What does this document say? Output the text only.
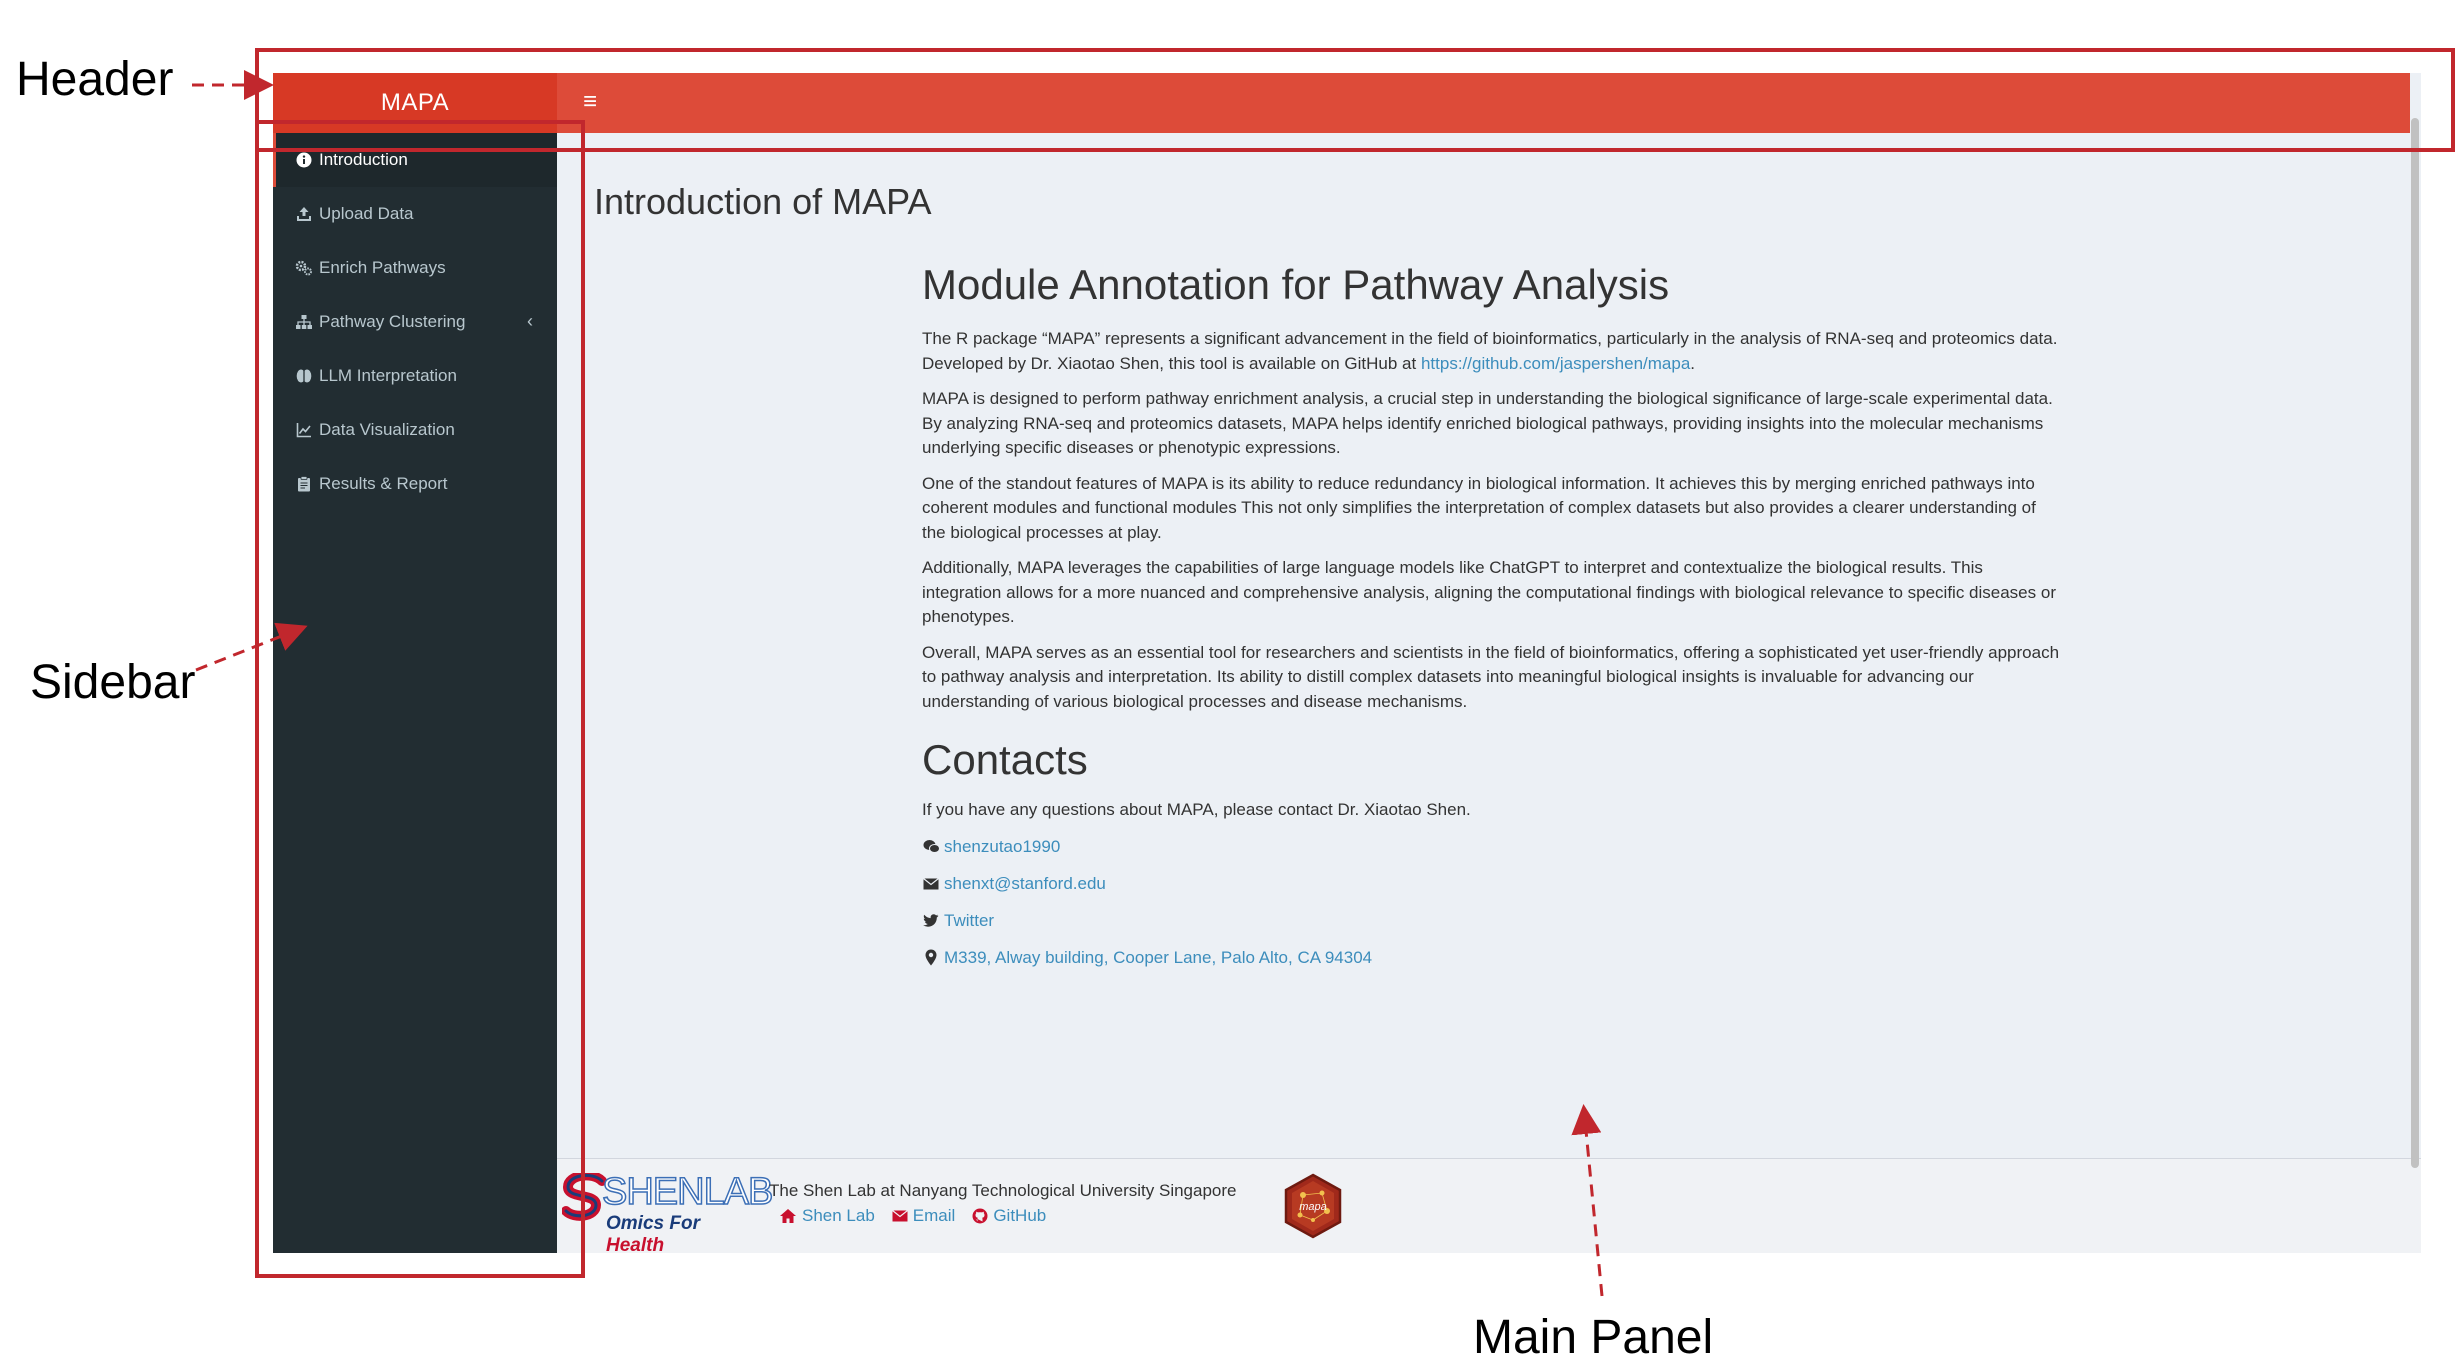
MAPA	≡
Introduction
Upload Data
Enrich Pathways
Pathway Clustering	‹
LLM Interpretation
Data Visualization
Results & Report
Introduction of MAPA
Module Annotation for Pathway Analysis

The R package “MAPA” represents a significant advancement in the field of bioinformatics, particularly in the analysis of RNA-seq and proteomics data. Developed by Dr. Xiaotao Shen, this tool is available on GitHub at https://github.com/jaspershen/mapa.

MAPA is designed to perform pathway enrichment analysis, a crucial step in understanding the biological significance of large-scale experimental data. By analyzing RNA-seq and proteomics datasets, MAPA helps identify enriched biological pathways, providing insights into the molecular mechanisms underlying specific diseases or phenotypic expressions.

One of the standout features of MAPA is its ability to reduce redundancy in biological information. It achieves this by merging enriched pathways into coherent modules and functional modules This not only simplifies the interpretation of complex datasets but also provides a clearer understanding of the biological processes at play.

Additionally, MAPA leverages the capabilities of large language models like ChatGPT to interpret and contextualize the biological results. This integration allows for a more nuanced and comprehensive analysis, aligning the computational findings with biological relevance to specific diseases or phenotypes.

Overall, MAPA serves as an essential tool for researchers and scientists in the field of bioinformatics, offering a sophisticated yet user-friendly approach to pathway analysis and interpretation. Its ability to distill complex datasets into meaningful biological insights is invaluable for advancing our understanding of various biological processes and disease mechanisms.

Contacts

If you have any questions about MAPA, please contact Dr. Xiaotao Shen.

shenzutao1990
shenxt@stanford.edu
Twitter
M339, Alway building, Cooper Lane, Palo Alto, CA 94304
SHENLAB
Omics For Health
The Shen Lab at Nanyang Technological University Singapore
Shen Lab Email GitHub	mapa
Header
Sidebar
Main Panel
